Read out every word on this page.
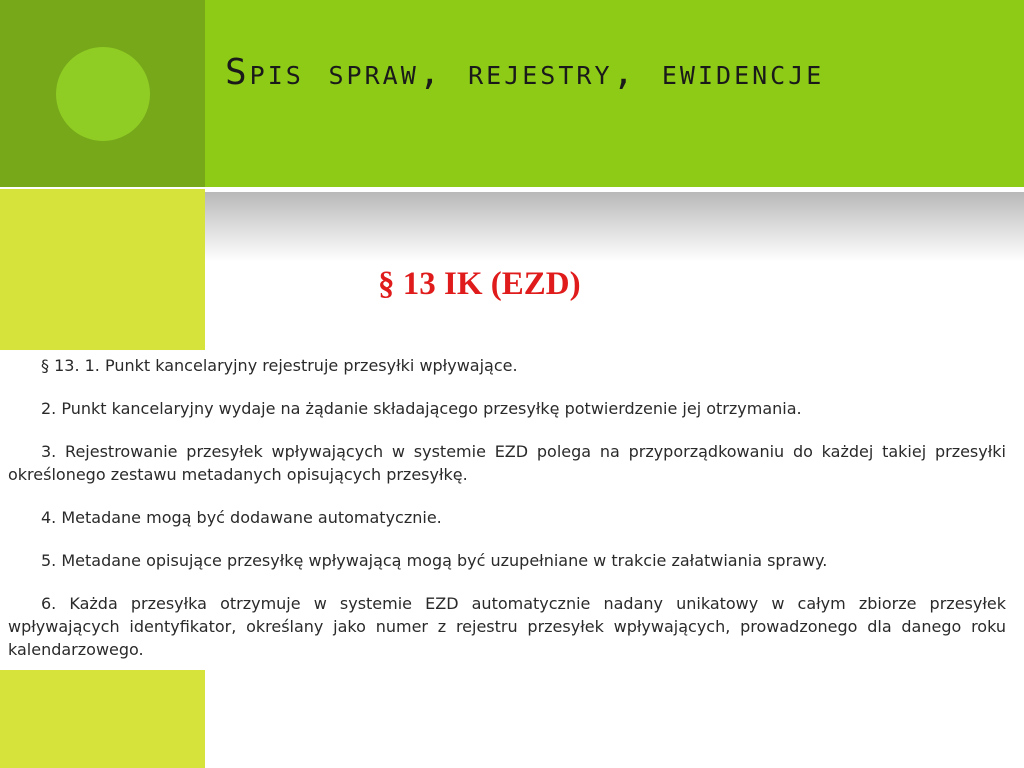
Spis spraw, rejestry, ewidencje
§ 13 IK (EZD)

§ 13. 1. Punkt kancelaryjny rejestruje przesyłki wpływające.

2. Punkt kancelaryjny wydaje na żądanie składającego przesyłkę potwierdzenie jej otrzymania.

3. Rejestrowanie przesyłek wpływających w systemie EZD polega na przyporządkowaniu do każdej takiej przesyłki określonego zestawu metadanych opisujących przesyłkę.

4. Metadane mogą być dodawane automatycznie.

5. Metadane opisujące przesyłkę wpływającą mogą być uzupełniane w trakcie załatwiania sprawy.

6. Każda przesyłka otrzymuje w systemie EZD automatycznie nadany unikatowy w całym zbiorze przesyłek wpływających identyfikator, określany jako numer z rejestru przesyłek wpływających, prowadzonego dla danego roku kalendarzowego.
